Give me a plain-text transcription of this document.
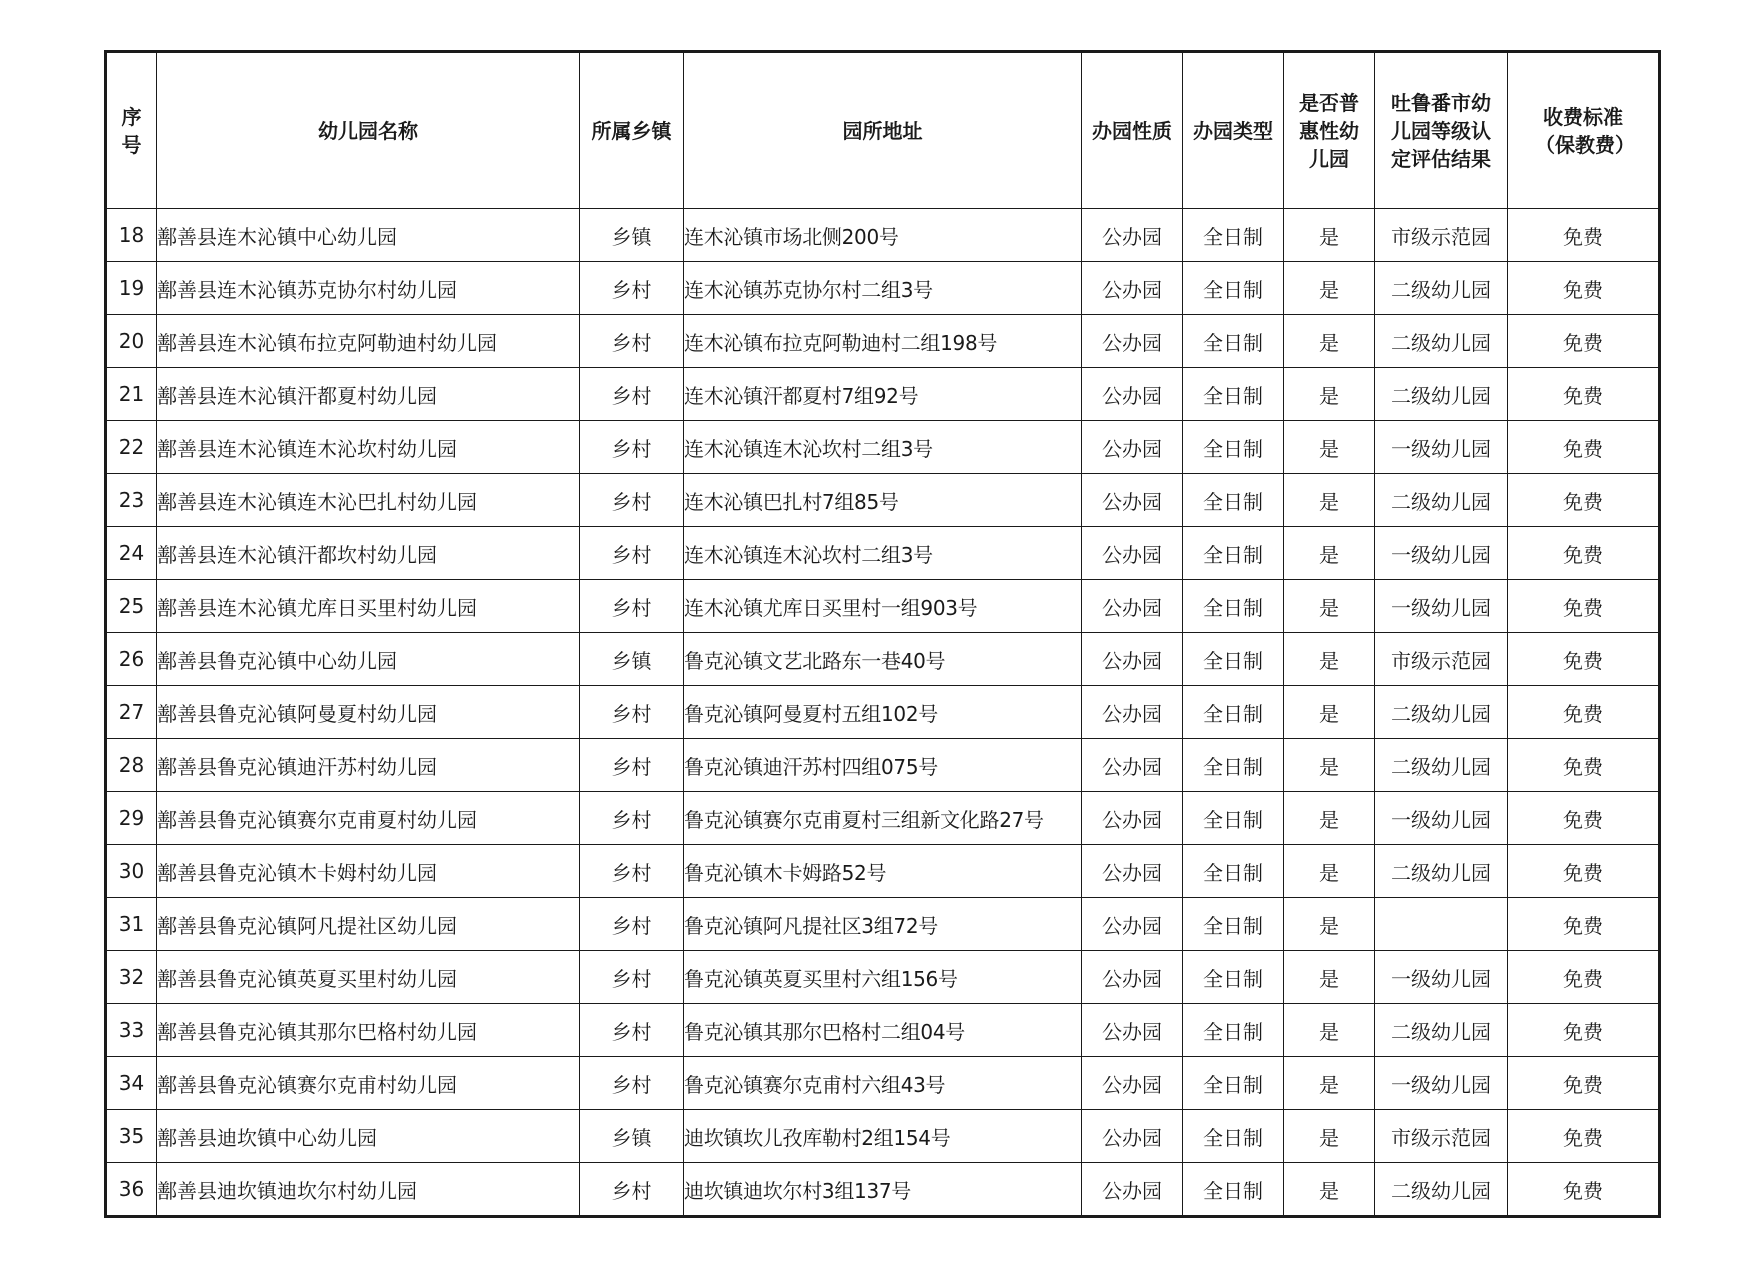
序号	幼儿园名称	所属乡镇	园所地址	办园性质	办园类型	是否普惠性幼儿园	吐鲁番市幼儿园等级认定评估结果	收费标准（保教费）
18	鄯善县连木沁镇中心幼儿园	乡镇	连木沁镇市场北侧200号	公办园	全日制	是	市级示范园	免费
19	鄯善县连木沁镇苏克协尔村幼儿园	乡村	连木沁镇苏克协尔村二组3号	公办园	全日制	是	二级幼儿园	免费
20	鄯善县连木沁镇布拉克阿勒迪村幼儿园	乡村	连木沁镇布拉克阿勒迪村二组198号	公办园	全日制	是	二级幼儿园	免费
21	鄯善县连木沁镇汗都夏村幼儿园	乡村	连木沁镇汗都夏村7组92号	公办园	全日制	是	二级幼儿园	免费
22	鄯善县连木沁镇连木沁坎村幼儿园	乡村	连木沁镇连木沁坎村二组3号	公办园	全日制	是	一级幼儿园	免费
23	鄯善县连木沁镇连木沁巴扎村幼儿园	乡村	连木沁镇巴扎村7组85号	公办园	全日制	是	二级幼儿园	免费
24	鄯善县连木沁镇汗都坎村幼儿园	乡村	连木沁镇连木沁坎村二组3号	公办园	全日制	是	一级幼儿园	免费
25	鄯善县连木沁镇尤库日买里村幼儿园	乡村	连木沁镇尤库日买里村一组903号	公办园	全日制	是	一级幼儿园	免费
26	鄯善县鲁克沁镇中心幼儿园	乡镇	鲁克沁镇文艺北路东一巷40号	公办园	全日制	是	市级示范园	免费
27	鄯善县鲁克沁镇阿曼夏村幼儿园	乡村	鲁克沁镇阿曼夏村五组102号	公办园	全日制	是	二级幼儿园	免费
28	鄯善县鲁克沁镇迪汗苏村幼儿园	乡村	鲁克沁镇迪汗苏村四组075号	公办园	全日制	是	二级幼儿园	免费
29	鄯善县鲁克沁镇赛尔克甫夏村幼儿园	乡村	鲁克沁镇赛尔克甫夏村三组新文化路27号	公办园	全日制	是	一级幼儿园	免费
30	鄯善县鲁克沁镇木卡姆村幼儿园	乡村	鲁克沁镇木卡姆路52号	公办园	全日制	是	二级幼儿园	免费
31	鄯善县鲁克沁镇阿凡提社区幼儿园	乡村	鲁克沁镇阿凡提社区3组72号	公办园	全日制	是		免费
32	鄯善县鲁克沁镇英夏买里村幼儿园	乡村	鲁克沁镇英夏买里村六组156号	公办园	全日制	是	一级幼儿园	免费
33	鄯善县鲁克沁镇其那尔巴格村幼儿园	乡村	鲁克沁镇其那尔巴格村二组04号	公办园	全日制	是	二级幼儿园	免费
34	鄯善县鲁克沁镇赛尔克甫村幼儿园	乡村	鲁克沁镇赛尔克甫村六组43号	公办园	全日制	是	一级幼儿园	免费
35	鄯善县迪坎镇中心幼儿园	乡镇	迪坎镇坎儿孜库勒村2组154号	公办园	全日制	是	市级示范园	免费
36	鄯善县迪坎镇迪坎尔村幼儿园	乡村	迪坎镇迪坎尔村3组137号	公办园	全日制	是	二级幼儿园	免费
